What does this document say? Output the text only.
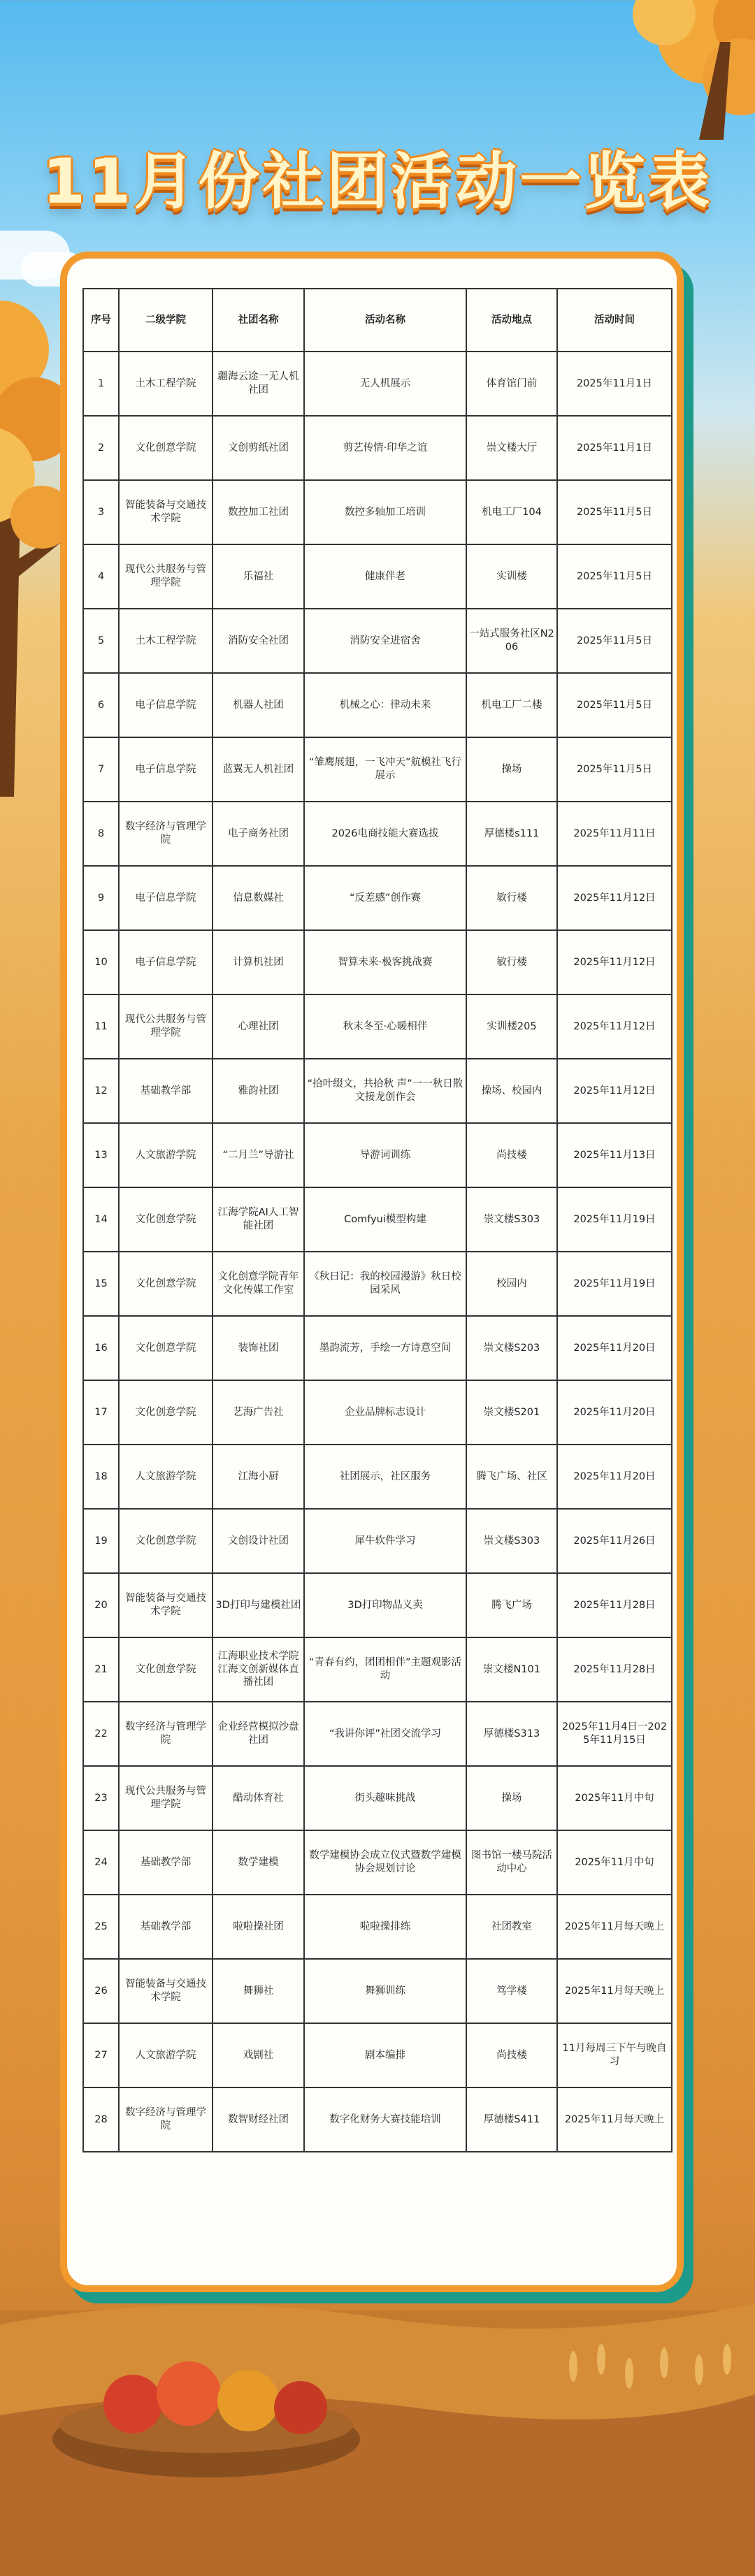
11月份社团活动一览表
序号	二级学院	社团名称	活动名称	活动地点	活动时间
1	土木工程学院	疆海云途一无人机社团	无人机展示	体育馆门前	2025年11月1日
2	文化创意学院	文创剪纸社团	剪艺传情·印华之谊	崇文楼大厅	2025年11月1日
3	智能装备与交通技术学院	数控加工社团	数控多轴加工培训	机电工厂104	2025年11月5日
4	现代公共服务与管理学院	乐福社	健康伴老	实训楼	2025年11月5日
5	土木工程学院	消防安全社团	消防安全进宿舍	一站式服务社区N206	2025年11月5日
6	电子信息学院	机器人社团	机械之心：律动未来	机电工厂二楼	2025年11月5日
7	电子信息学院	蓝翼无人机社团	“雏鹰展翅，一飞冲天”航模社飞行展示	操场	2025年11月5日
8	数字经济与管理学院	电子商务社团	2026电商技能大赛选拔	厚德楼s111	2025年11月11日
9	电子信息学院	信息数媒社	“反差感”创作赛	敏行楼	2025年11月12日
10	电子信息学院	计算机社团	智算未来·极客挑战赛	敏行楼	2025年11月12日
11	现代公共服务与管理学院	心理社团	秋末冬至·心暖相伴	实训楼205	2025年11月12日
12	基础教学部	雅韵社团	“拾叶缀文，共拾秋 声”一一秋日散文接龙创作会	操场、校园内	2025年11月12日
13	人文旅游学院	“二月兰”导游社	导游词训练	尚技楼	2025年11月13日
14	文化创意学院	江海学院AI人工智能社团	Comfyui模型构建	崇文楼S303	2025年11月19日
15	文化创意学院	文化创意学院青年文化传媒工作室	《秋日记：我的校园漫游》秋日校园采风	校园内	2025年11月19日
16	文化创意学院	装饰社团	墨韵流芳，手绘一方诗意空间	崇文楼S203	2025年11月20日
17	文化创意学院	艺海广告社	企业品牌标志设计	崇文楼S201	2025年11月20日
18	人文旅游学院	江海小厨	社团展示，社区服务	腾飞广场、社区	2025年11月20日
19	文化创意学院	文创设计社团	犀牛软件学习	崇文楼S303	2025年11月26日
20	智能装备与交通技术学院	3D打印与建模社团	3D打印物品义卖	腾飞广场	2025年11月28日
21	文化创意学院	江海职业技术学院江海文创新媒体直播社团	“青春有约，团团相伴”主题观影活动	崇文楼N101	2025年11月28日
22	数字经济与管理学院	企业经营模拟沙盘社团	“我讲你评”社团交流学习	厚德楼S313	2025年11月4日一2025年11月15日
23	现代公共服务与管理学院	酷动体育社	街头趣味挑战	操场	2025年11月中旬
24	基础教学部	数学建模	数学建模协会成立仪式暨数学建模协会规划讨论	图书馆一楼马院活动中心	2025年11月中旬
25	基础教学部	啦啦操社团	啦啦操排练	社团教室	2025年11月每天晚上
26	智能装备与交通技术学院	舞狮社	舞狮训练	笃学楼	2025年11月每天晚上
27	人文旅游学院	戏剧社	剧本编排	尚技楼	11月每周三下午与晚自习
28	数字经济与管理学院	数智财经社团	数字化财务大赛技能培训	厚德楼S411	2025年11月每天晚上
